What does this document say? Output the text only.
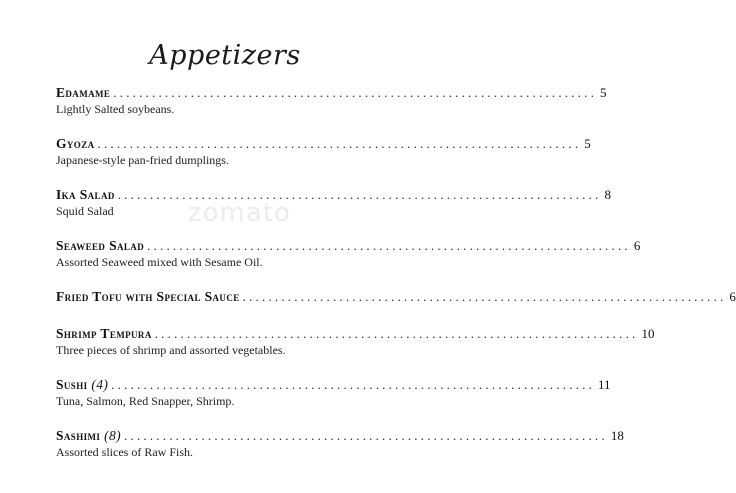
Appetizers
zomato
Edamame ........................................................................... 5
Lightly Salted soybeans.
Gyoza ........................................................................... 5
Japanese-style pan-fried dumplings.
Ika Salad ........................................................................... 8
Squid Salad
Seaweed Salad ........................................................................... 6
Assorted Seaweed mixed with Sesame Oil.
Fried Tofu with Special Sauce ........................................................................... 6
Shrimp Tempura ........................................................................... 10
Three pieces of shrimp and assorted vegetables.
Sushi (4) ........................................................................... 11
Tuna, Salmon, Red Snapper, Shrimp.
Sashimi (8) ........................................................................... 18
Assorted slices of Raw Fish.
